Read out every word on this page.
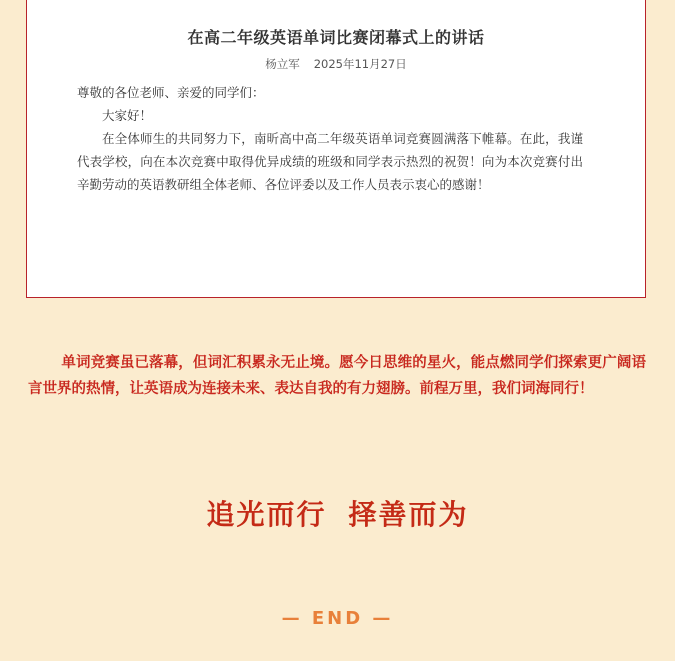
在高二年级英语单词比赛闭幕式上的讲话
杨立军 2025年11月27日

尊敬的各位老师、亲爱的同学们：

大家好！

在全体师生的共同努力下，南昕高中高二年级英语单词竞赛圆满落下帷幕。在此，我谨代表学校，向在本次竞赛中取得优异成绩的班级和同学表示热烈的祝贺！向为本次竞赛付出辛勤劳动的英语教研组全体老师、各位评委以及工作人员表示衷心的感谢！

单词竞赛虽已落幕，但词汇积累永无止境。愿今日思维的星火，能点燃同学们探索更广阔语言世界的热情，让英语成为连接未来、表达自我的有力翅膀。前程万里，我们词海同行！

追光而行 择善而为
— END —
